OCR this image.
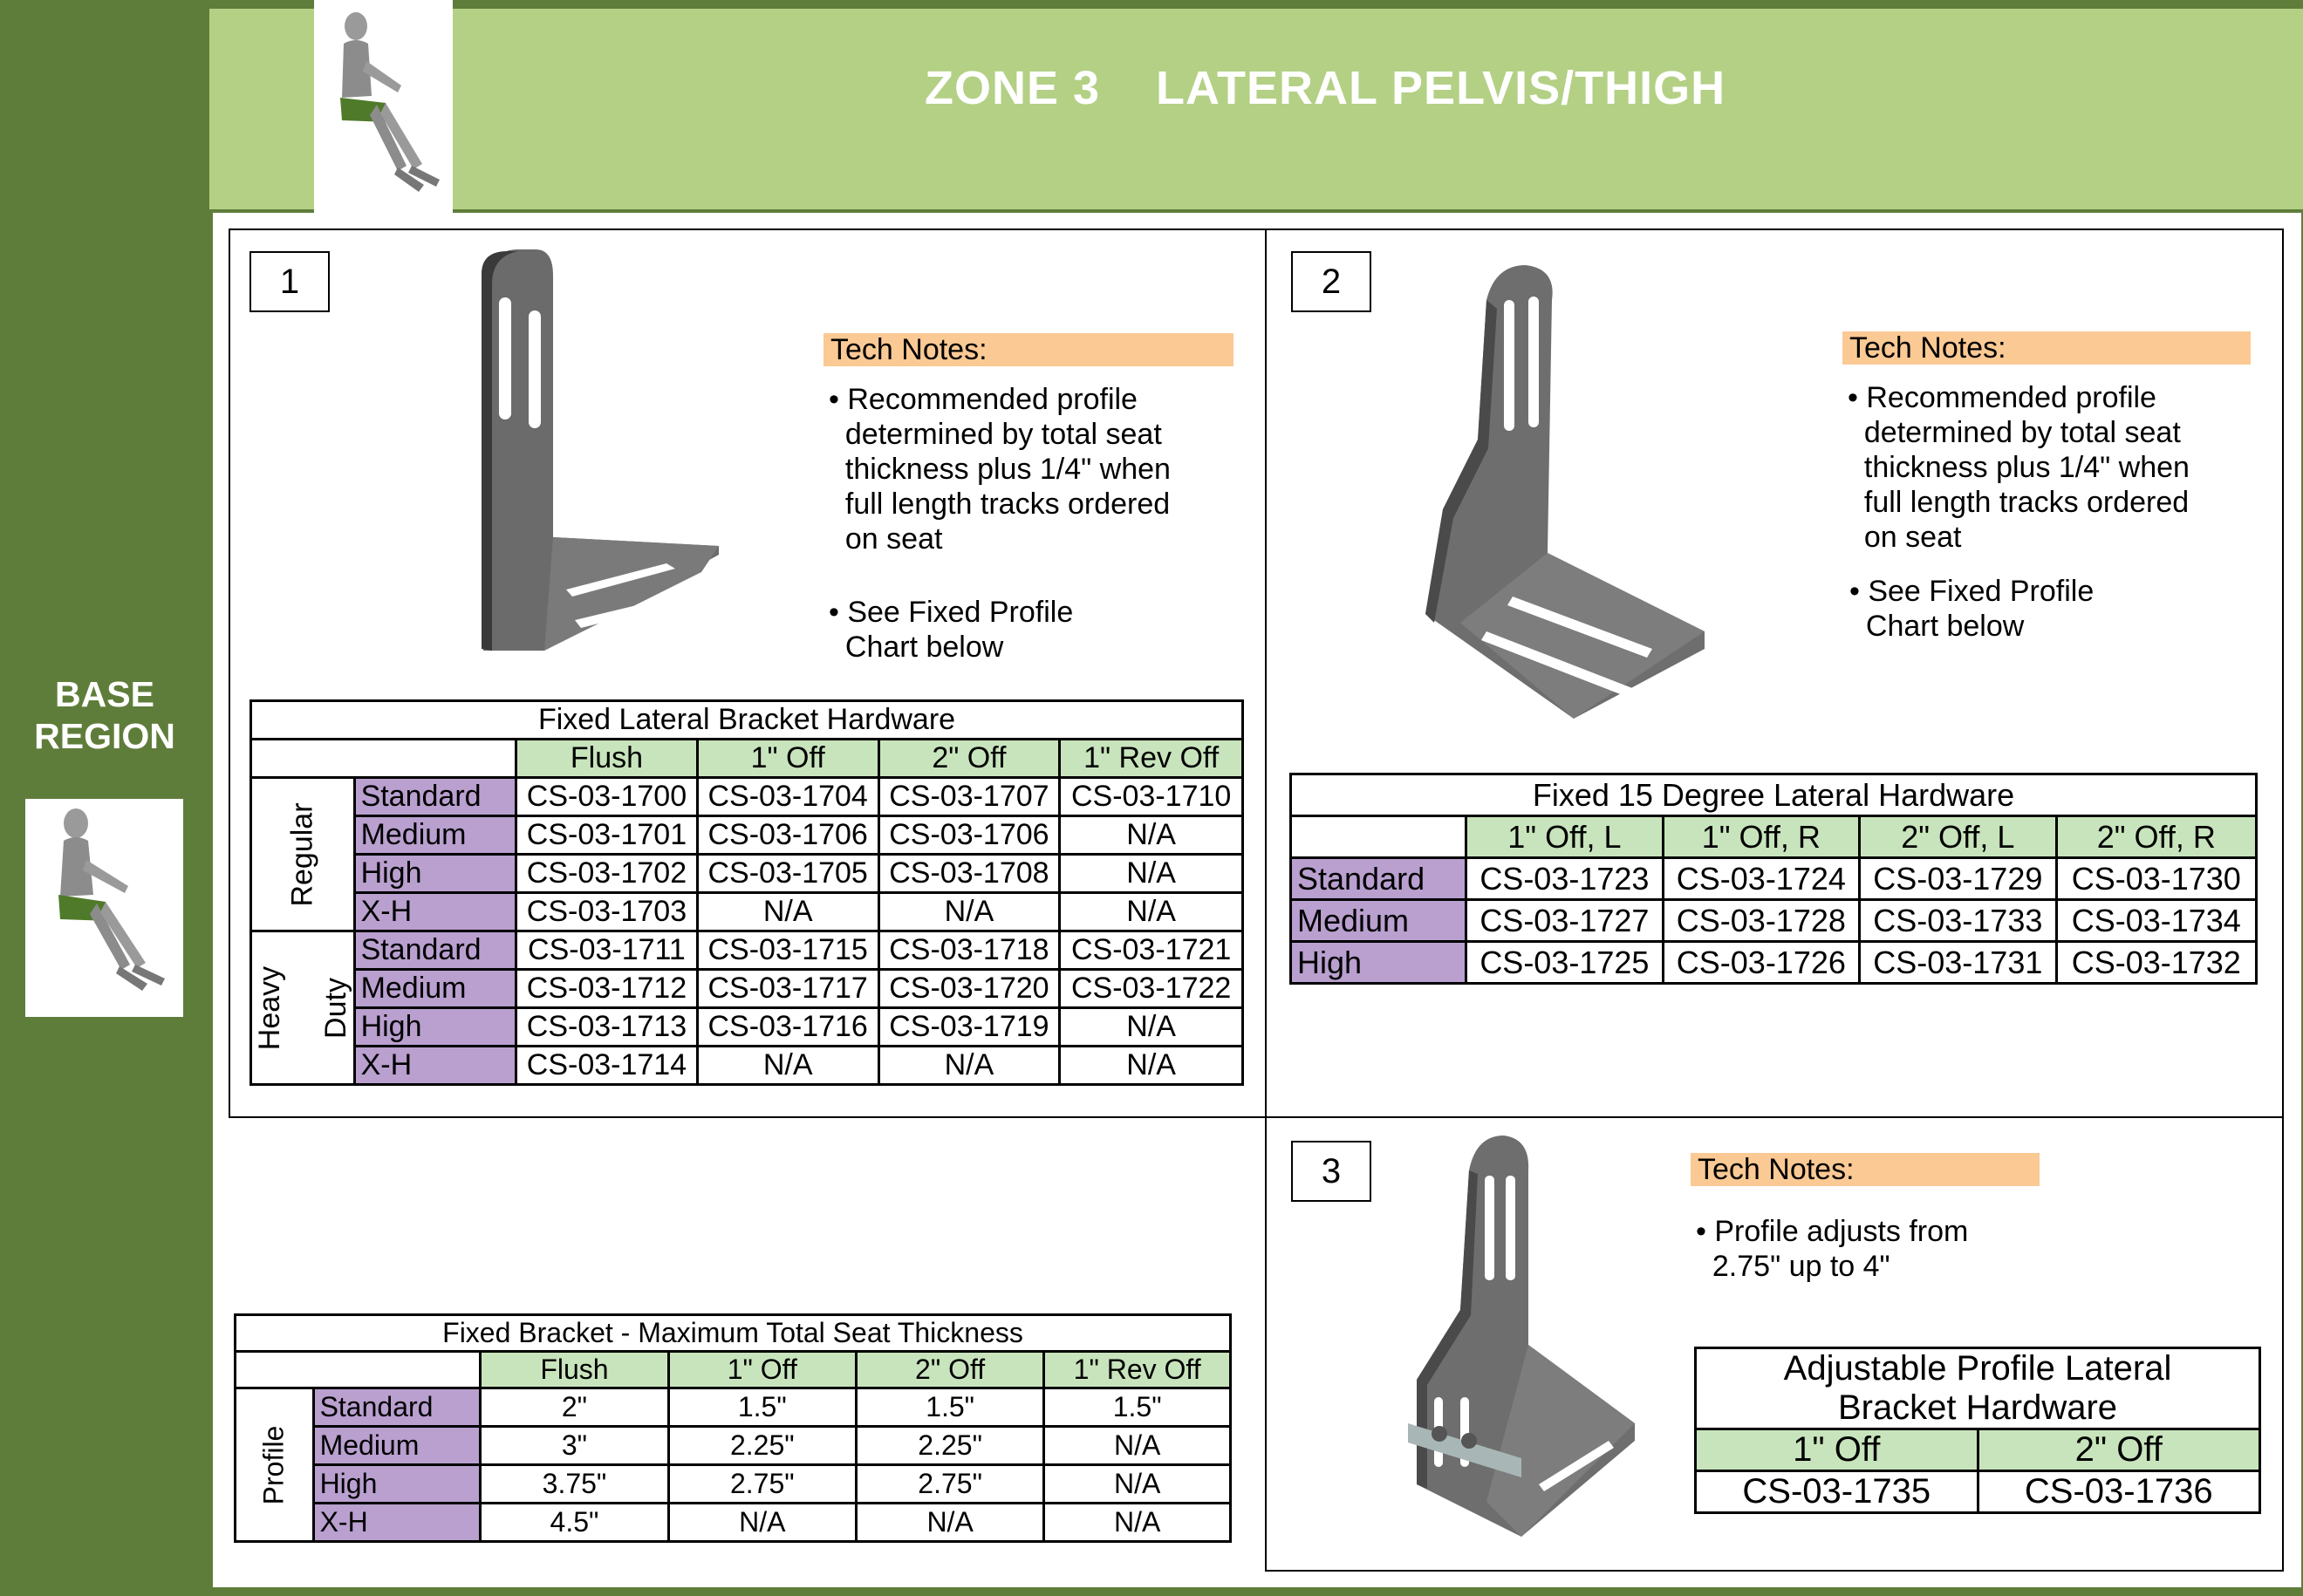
BASE
REGION
ZONE 3    LATERAL PELVIS/THIGH
1
Tech Notes:
• Recommended profile
determined by total seat
thickness plus 1/4" when
full length tracks ordered
on seat
• See Fixed Profile
Chart below
Fixed Lateral Bracket Hardware					
		Flush	1" Off	2" Off	1" Rev Off

Regular	Standard	CS-03-1700	CS-03-1704	CS-03-1707	CS-03-1710
	Medium	CS-03-1701	CS-03-1706	CS-03-1706	N/A
	High	CS-03-1702	CS-03-1705	CS-03-1708	N/A
	X-H	CS-03-1703	N/A	N/A	N/A

Heavy Duty	Standard	CS-03-1711	CS-03-1715	CS-03-1718	CS-03-1721
	Medium	CS-03-1712	CS-03-1717	CS-03-1720	CS-03-1722
	High	CS-03-1713	CS-03-1716	CS-03-1719	N/A
	X-H	CS-03-1714	N/A	N/A	N/A
2
Tech Notes:
• Recommended profile
determined by total seat
thickness plus 1/4" when
full length tracks ordered
on seat
• See Fixed Profile
Chart below
Fixed 15 Degree Lateral Hardware				
	1" Off, L	1" Off, R	2" Off, L	2" Off, R
Standard	CS-03-1723	CS-03-1724	CS-03-1729	CS-03-1730
Medium	CS-03-1727	CS-03-1728	CS-03-1733	CS-03-1734
High	CS-03-1725	CS-03-1726	CS-03-1731	CS-03-1732
Fixed Bracket - Maximum Total Seat Thickness					
		Flush	1" Off	2" Off	1" Rev Off

Profile	Standard	2"	1.5"	1.5"	1.5"
	Medium	3"	2.25"	2.25"	N/A
	High	3.75"	2.75"	2.75"	N/A
	X-H	4.5"	N/A	N/A	N/A
3	Tech Notes:
• Profile adjusts from
2.75" up to 4"
Adjustable Profile Lateral	
Bracket Hardware	
1" Off	2" Off
CS-03-1735	CS-03-1736
